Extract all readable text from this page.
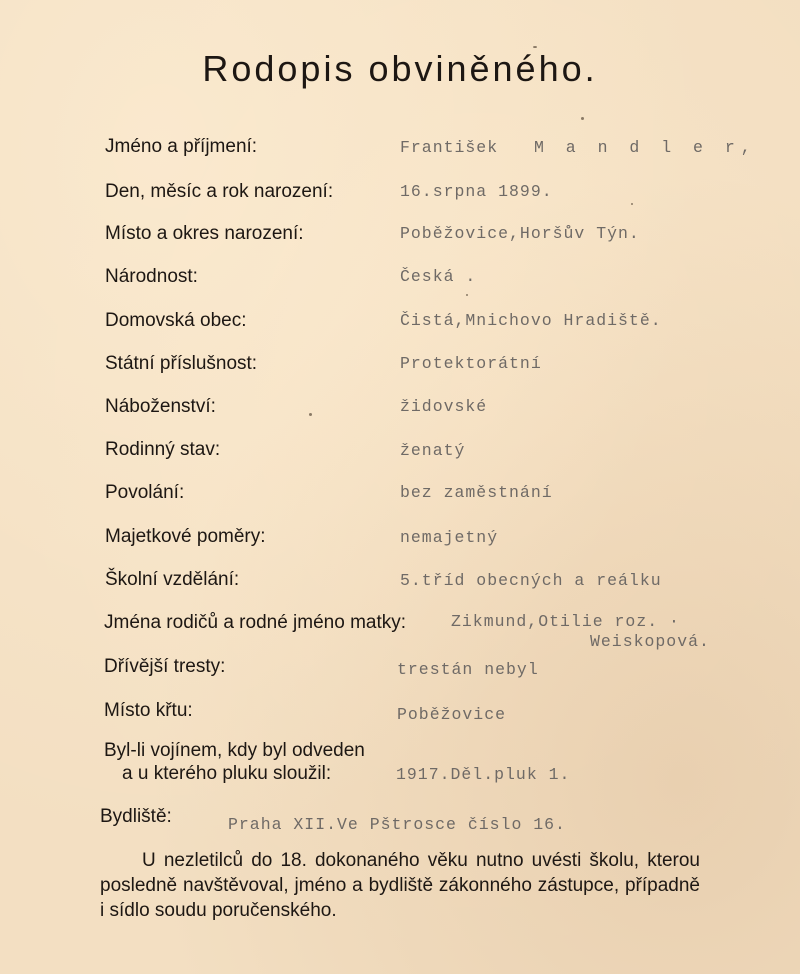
Rodopis obviněného.
Jméno a příjmení:	František M a n d l e r,
Den, měsíc a rok narození:	16.srpna 1899.
Místo a okres narození:	Poběžovice,Horšův Týn.
Národnost:	Česká .
Domovská obec:	Čistá,Mnichovo Hradiště.
Státní příslušnost:	Protektorátní
Náboženství:	židovské
Rodinný stav:	ženatý
Povolání:	bez zaměstnání
Majetkové poměry:	nemajetný
Školní vzdělání:	5.tříd obecných a reálku
Jména rodičů a rodné jméno matky:	Zikmund,Otilie roz. ·
Weiskopová.
Dřívější tresty:	trestán nebyl
Místo křtu:	Poběžovice
Byl-li vojínem, kdy byl odveden
a u kterého pluku sloužil:	1917.Děl.pluk 1.
Bydliště:	Praha XII.Ve Pštrosce číslo 16.
U nezletilců do 18. dokonaného věku nutno uvésti školu, kterou posledně navštěvoval, jméno a bydliště zákonného zástupce, případně i sídlo soudu poručenského.
